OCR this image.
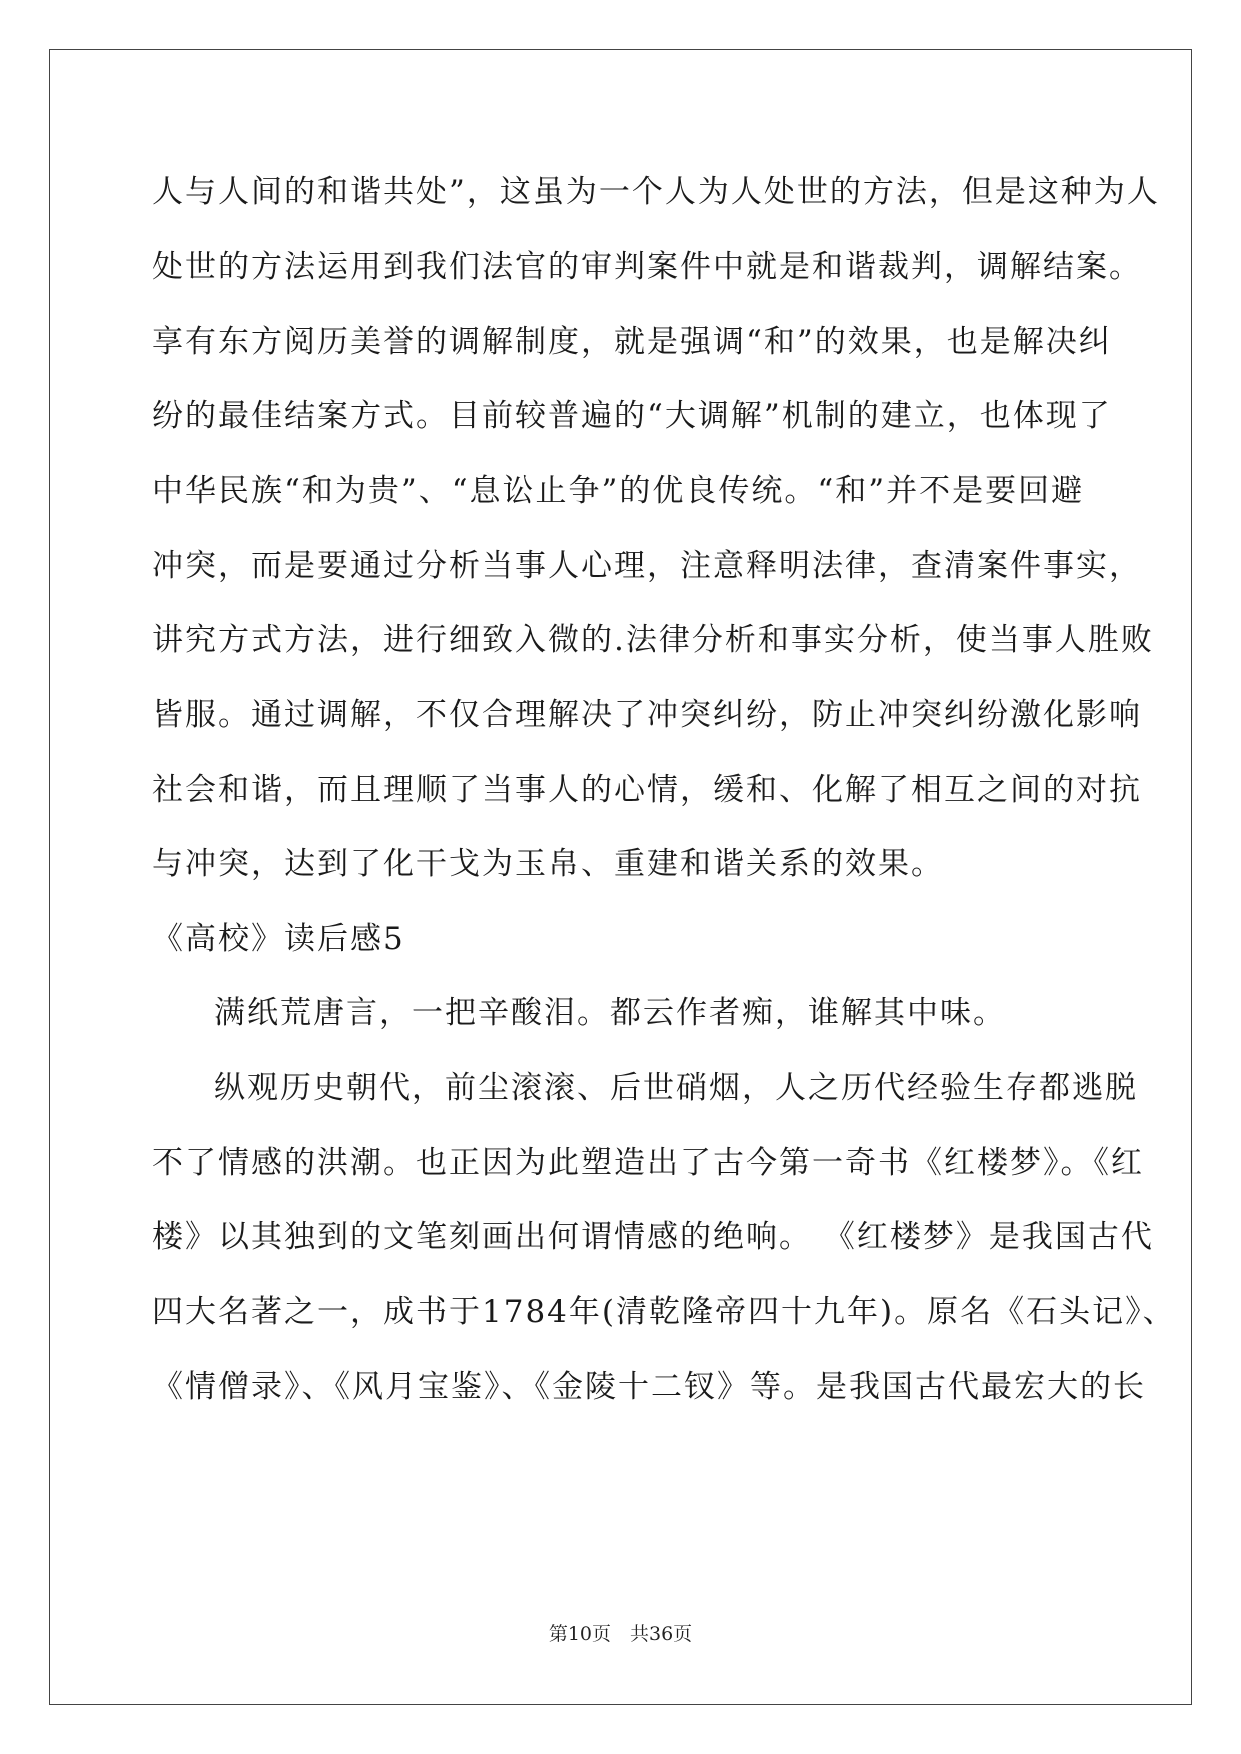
人与人间的和谐共处”，这虽为一个人为人处世的方法，但是这种为人
处世的方法运用到我们法官的审判案件中就是和谐裁判，调解结案。
享有东方阅历美誉的调解制度，就是强调“和”的效果，也是解决纠
纷的最佳结案方式。目前较普遍的“大调解”机制的建立，也体现了
中华民族“和为贵”、“息讼止争”的优良传统。“和”并不是要回避
冲突，而是要通过分析当事人心理，注意释明法律，查清案件事实，
讲究方式方法，进行细致入微的.法律分析和事实分析，使当事人胜败
皆服。通过调解，不仅合理解决了冲突纠纷，防止冲突纠纷激化影响
社会和谐，而且理顺了当事人的心情，缓和、化解了相互之间的对抗
与冲突，达到了化干戈为玉帛、重建和谐关系的效果。
《高校》读后感5
满纸荒唐言，一把辛酸泪。都云作者痴，谁解其中味。
纵观历史朝代，前尘滚滚、后世硝烟，人之历代经验生存都逃脱
不了情感的洪潮。也正因为此塑造出了古今第一奇书《红楼梦》。《红
楼》以其独到的文笔刻画出何谓情感的绝响。 《红楼梦》是我国古代
四大名著之一，成书于1784年(清乾隆帝四十九年)。原名《石头记》、
《情僧录》、《风月宝鉴》、《金陵十二钗》等。是我国古代最宏大的长
第10页　共36页
